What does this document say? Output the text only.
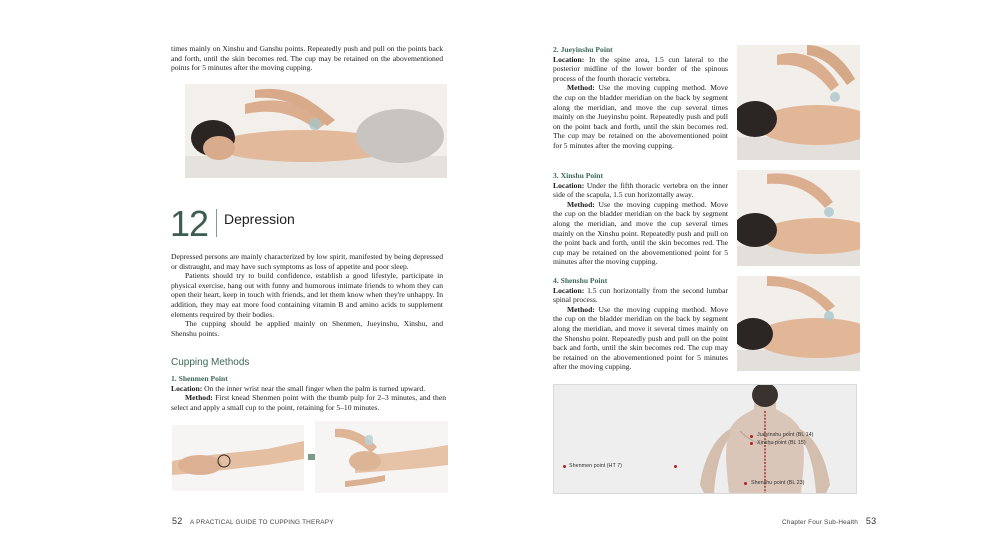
times mainly on Xinshu and Ganshu points. Repeatedly push and pull on the points back and forth, until the skin becomes red. The cup may be retained on the abovementioned points for 5 minutes after the moving cupping.

12 Depression

Depressed persons are mainly characterized by low spirit, manifested by being depressed or distraught, and may have such symptoms as loss of appetite and poor sleep.

Patients should try to build confidence, establish a good lifestyle, participate in physical exercise, hang out with funny and humorous intimate friends to whom they can open their heart, keep in touch with friends, and let them know when they're unhappy. In addition, they may eat more food containing vitamin B and amino acids to supplement elements required by their bodies.

The cupping should be applied mainly on Shenmen, Jueyinshu, Xinshu, and Shenshu points.

Cupping Methods

1. Shenmen Point

Location: On the inner wrist near the small finger when the palm is turned upward.

Method: First knead Shenmen point with the thumb pulp for 2–3 minutes, and then select and apply a small cup to the point, retaining for 5–10 minutes.

52 A PRACTICAL GUIDE TO CUPPING THERAPY

2. Jueyinshu Point

Location: In the spine area, 1.5 cun lateral to the posterior midline of the lower border of the spinous process of the fourth thoracic vertebra.

Method: Use the moving cupping method. Move the cup on the bladder meridian on the back by segment along the meridian, and move the cup several times mainly on the Jueyinshu point. Repeatedly push and pull on the point back and forth, until the skin becomes red. The cup may be retained on the abovementioned point for 5 minutes after the moving cupping.

3. Xinshu Point

Location: Under the fifth thoracic vertebra on the inner side of the scapula, 1.5 cun horizontally away.

Method: Use the moving cupping method. Move the cup on the bladder meridian on the back by segment along the meridian, and move the cup several times mainly on the Xinshu point. Repeatedly push and pull on the point back and forth, until the skin becomes red. The cup may be retained on the abovementioned point for 5 minutes after the moving cupping.

4. Shenshu Point

Location: 1.5 cun horizontally from the second lumbar spinal process.

Method: Use the moving cupping method. Move the cup on the bladder meridian on the back by segment along the meridian, and move it several times mainly on the Shenshu point. Repeatedly push and pull on the point back and forth, until the skin becomes red. The cup may be retained on the abovementioned point for 5 minutes after the moving cupping.

Jueyinshu point (BL 14)
Xinshu point (BL 15)
Shenmen point (HT 7)
Shenshu point (BL 23)
Chapter Four Sub-Health 53
